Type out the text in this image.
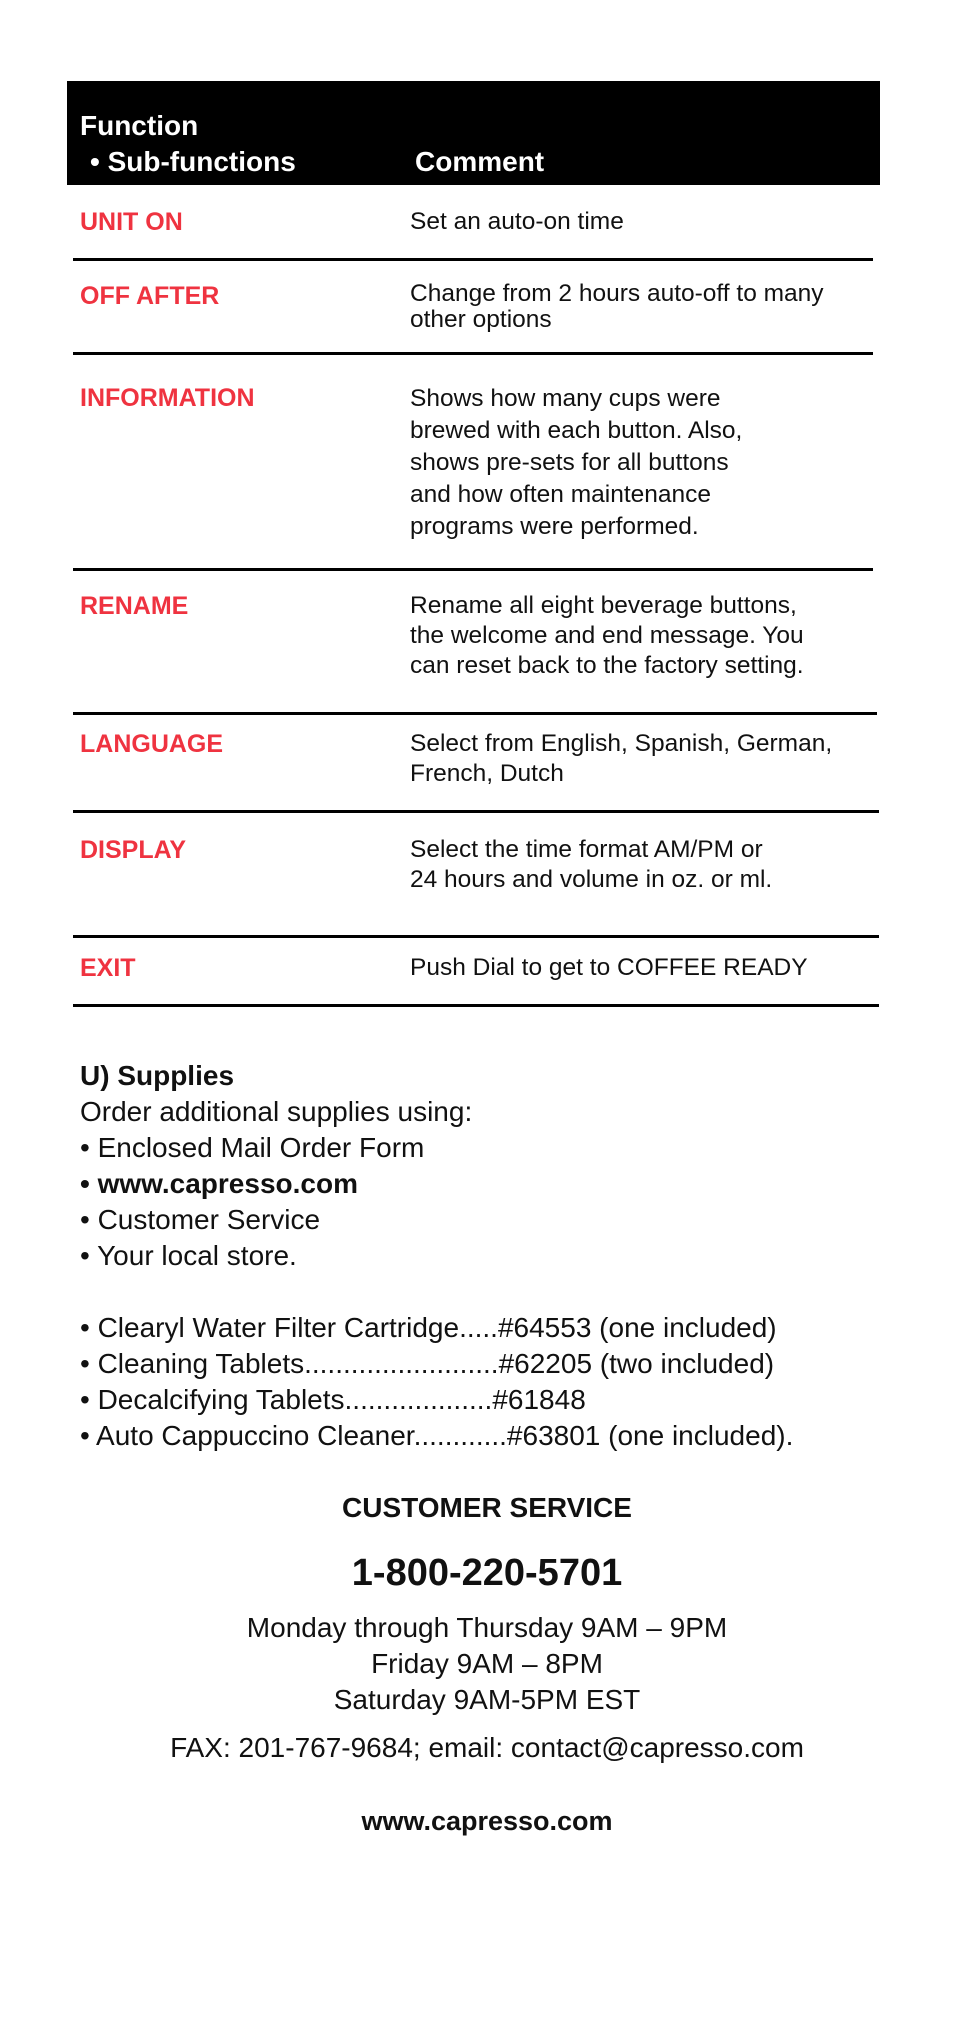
Function
• Sub-functions	Comment
UNIT ON	Set an auto-on time
OFF AFTER	Change from 2 hours auto-off to many
other options
INFORMATION	Shows how many cups were
brewed with each button. Also,
shows pre-sets for all buttons
and how often maintenance
programs were performed.
RENAME	Rename all eight beverage buttons,
the welcome and end message. You
can reset back to the factory setting.
LANGUAGE	Select from English, Spanish, German,
French, Dutch
DISPLAY	Select the time format AM/PM or
24 hours and volume in oz. or ml.
EXIT	Push Dial to get to COFFEE READY
U) Supplies
Order additional supplies using:
• Enclosed Mail Order Form
• www.capresso.com
• Customer Service
• Your local store.
• Clearyl Water Filter Cartridge.....#64553 (one included)
• Cleaning Tablets.........................#62205 (two included)
• Decalcifying Tablets...................#61848
• Auto Cappuccino Cleaner............#63801 (one included).
CUSTOMER SERVICE
1-800-220-5701
Monday through Thursday 9AM – 9PM
Friday 9AM – 8PM
Saturday 9AM-5PM EST
FAX: 201-767-9684; email: contact@capresso.com
www.capresso.com
